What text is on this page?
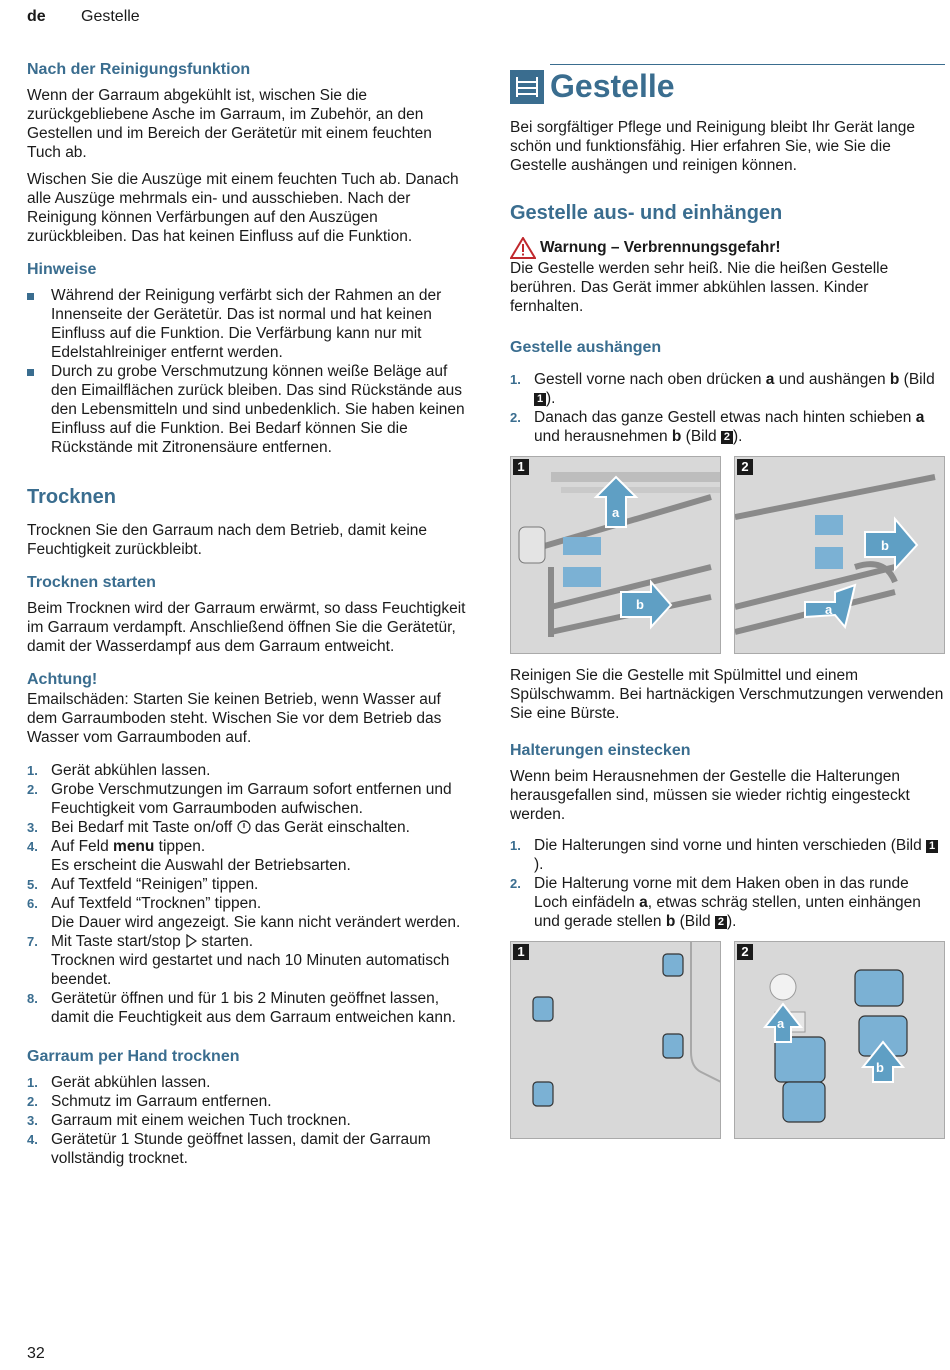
de Gestelle
Nach der Reinigungsfunktion

Wenn der Garraum abgekühlt ist, wischen Sie die zurückgebliebene Asche im Garraum, im Zubehör, an den Gestellen und im Bereich der Gerätetür mit einem feuchten Tuch ab.

Wischen Sie die Auszüge mit einem feuchten Tuch ab. Danach alle Auszüge mehrmals ein- und ausschieben. Nach der Reinigung können Verfärbungen auf den Auszügen zurückbleiben. Das hat keinen Einfluss auf die Funktion.

Hinweise
Während der Reinigung verfärbt sich der Rahmen an der Innenseite der Gerätetür. Das ist normal und hat keinen Einfluss auf die Funktion. Die Verfärbung kann nur mit Edelstahlreiniger entfernt werden.
Durch zu grobe Verschmutzung können weiße Beläge auf den Eimailflächen zurück bleiben. Das sind Rückstände aus den Lebensmitteln und sind unbedenklich. Sie haben keinen Einfluss auf die Funktion. Bei Bedarf können Sie die Rückstände mit Zitronensäure entfernen.
Trocknen

Trocknen Sie den Garraum nach dem Betrieb, damit keine Feuchtigkeit zurückbleibt.

Trocknen starten

Beim Trocknen wird der Garraum erwärmt, so dass Feuchtigkeit im Garraum verdampft. Anschließend öffnen Sie die Gerätetür, damit der Wasserdampf aus dem Garraum entweicht.

Achtung!

Emailschäden: Starten Sie keinen Betrieb, wenn Wasser auf dem Garraumboden steht. Wischen Sie vor dem Betrieb das Wasser vom Garraumboden auf.

1. Gerät abkühlen lassen.
2. Grobe Verschmutzungen im Garraum sofort entfernen und Feuchtigkeit vom Garraumboden aufwischen.
3. Bei Bedarf mit Taste on/off  das Gerät einschalten.
4. Auf Feld menu tippen.
Es erscheint die Auswahl der Betriebsarten.
5. Auf Textfeld “Reinigen” tippen.
6. Auf Textfeld “Trocknen” tippen.
Die Dauer wird angezeigt. Sie kann nicht verändert werden.
7. Mit Taste start/stop  starten.
Trocknen wird gestartet und nach 10 Minuten automatisch beendet.
8. Gerätetür öffnen und für 1 bis 2 Minuten geöffnet lassen, damit die Feuchtigkeit aus dem Garraum entweichen kann.
Garraum per Hand trocknen
1. Gerät abkühlen lassen.
2. Schmutz im Garraum entfernen.
3. Garraum mit einem weichen Tuch trocknen.
4. Gerätetür 1 Stunde geöffnet lassen, damit der Garraum vollständig trocknet.
Gestelle

Bei sorgfältiger Pflege und Reinigung bleibt Ihr Gerät lange schön und funktionsfähig. Hier erfahren Sie, wie Sie die Gestelle aushängen und reinigen können.

Gestelle aus- und einhängen
Warnung – Verbrennungsgefahr!

Die Gestelle werden sehr heiß. Nie die heißen Gestelle berühren. Das Gerät immer abkühlen lassen. Kinder fernhalten.

Gestelle aushängen
1. Gestell vorne nach oben drücken a und aushängen b (Bild 1 ).
2. Danach das ganze Gestell etwas nach hinten schieben a und herausnehmen b (Bild 2 ).
1
a
b
2
a
b

Reinigen Sie die Gestelle mit Spülmittel und einem Spülschwamm. Bei hartnäckigen Verschmutzungen verwenden Sie eine Bürste.

Halterungen einstecken

Wenn beim Herausnehmen der Gestelle die Halterungen herausgefallen sind, müssen sie wieder richtig eingesteckt werden.

1. Die Halterungen sind vorne und hinten verschieden (Bild 1).
2. Die Halterung vorne mit dem Haken oben in das runde Loch einfädeln a, etwas schräg stellen, unten einhängen und gerade stellen b (Bild 2 ).
1	2
a
b
32
